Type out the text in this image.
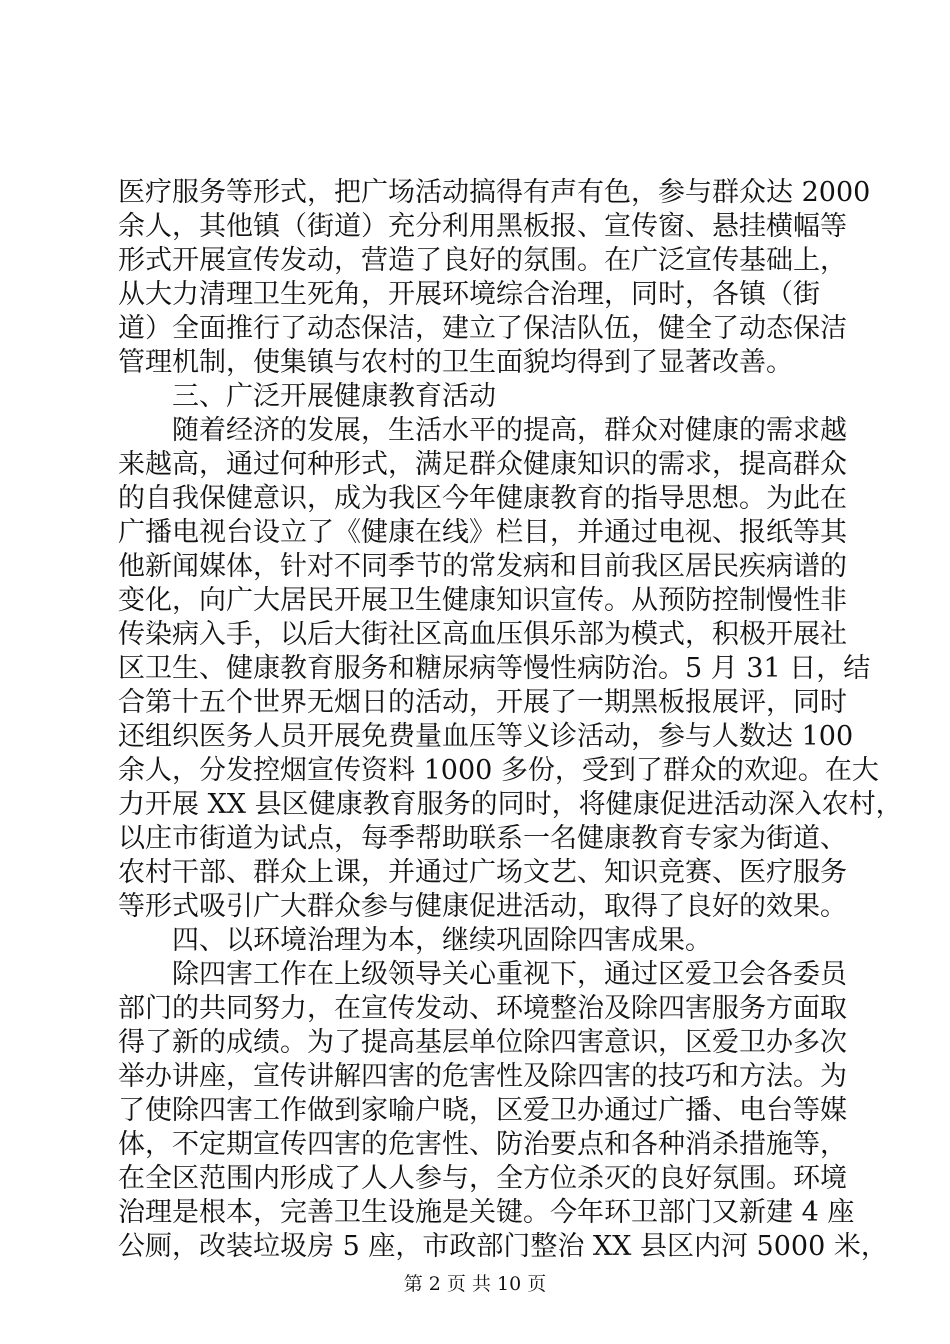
医疗服务等形式，把广场活动搞得有声有色，参与群众达 2000
余人，其他镇（街道）充分利用黑板报、宣传窗、悬挂横幅等
形式开展宣传发动，营造了良好的氛围。在广泛宣传基础上，
从大力清理卫生死角，开展环境综合治理，同时，各镇（街
道）全面推行了动态保洁，建立了保洁队伍，健全了动态保洁
管理机制，使集镇与农村的卫生面貌均得到了显著改善。
三、广泛开展健康教育活动
随着经济的发展，生活水平的提高，群众对健康的需求越
来越高，通过何种形式，满足群众健康知识的需求，提高群众
的自我保健意识，成为我区今年健康教育的指导思想。为此在
广播电视台设立了《健康在线》栏目，并通过电视、报纸等其
他新闻媒体，针对不同季节的常发病和目前我区居民疾病谱的
变化，向广大居民开展卫生健康知识宣传。从预防控制慢性非
传染病入手，以后大街社区高血压俱乐部为模式，积极开展社
区卫生、健康教育服务和糖尿病等慢性病防治。5 月 31 日，结
合第十五个世界无烟日的活动，开展了一期黑板报展评，同时
还组织医务人员开展免费量血压等义诊活动，参与人数达 100
余人，分发控烟宣传资料 1000 多份，受到了群众的欢迎。在大
力开展 XX 县区健康教育服务的同时，将健康促进活动深入农村，
以庄市街道为试点，每季帮助联系一名健康教育专家为街道、
农村干部、群众上课，并通过广场文艺、知识竞赛、医疗服务
等形式吸引广大群众参与健康促进活动，取得了良好的效果。
四、以环境治理为本，继续巩固除四害成果。
除四害工作在上级领导关心重视下，通过区爱卫会各委员
部门的共同努力，在宣传发动、环境整治及除四害服务方面取
得了新的成绩。为了提高基层单位除四害意识，区爱卫办多次
举办讲座，宣传讲解四害的危害性及除四害的技巧和方法。为
了使除四害工作做到家喻户晓，区爱卫办通过广播、电台等媒
体，不定期宣传四害的危害性、防治要点和各种消杀措施等，
在全区范围内形成了人人参与，全方位杀灭的良好氛围。环境
治理是根本，完善卫生设施是关键。今年环卫部门又新建 4 座
公厕，改装垃圾房 5 座，市政部门整治 XX 县区内河 5000 米，
第 2 页 共 10 页
